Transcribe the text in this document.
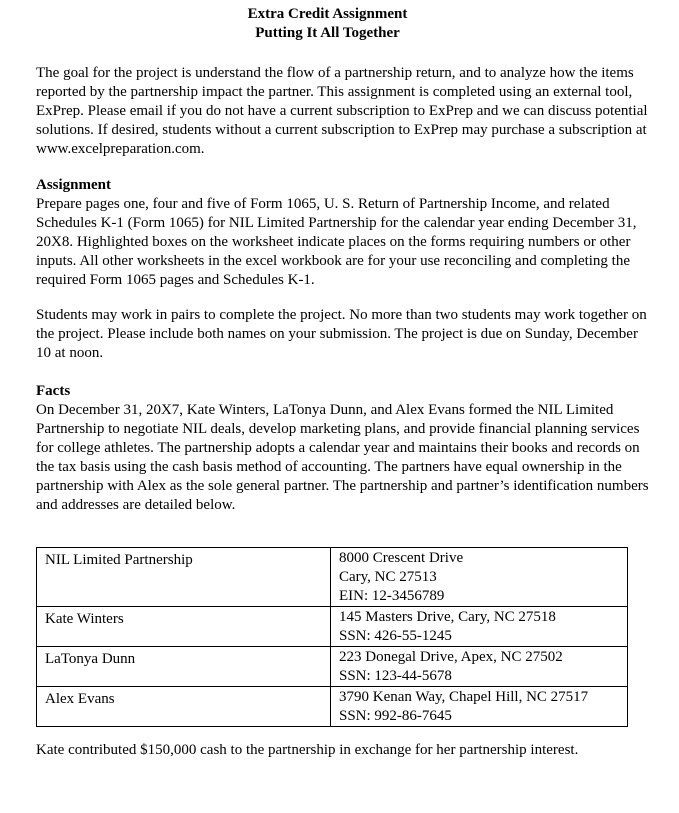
Extra Credit Assignment
Putting It All Together

The goal for the project is understand the flow of a partnership return, and to analyze how the items reported by the partnership impact the partner. This assignment is completed using an external tool, ExPrep. Please email if you do not have a current subscription to ExPrep and we can discuss potential solutions. If desired, students without a current subscription to ExPrep may purchase a subscription at www.excelpreparation.com.

Assignment
Prepare pages one, four and five of Form 1065, U. S. Return of Partnership Income, and related Schedules K-1 (Form 1065) for NIL Limited Partnership for the calendar year ending December 31, 20X8. Highlighted boxes on the worksheet indicate places on the forms requiring numbers or other inputs. All other worksheets in the excel workbook are for your use reconciling and completing the required Form 1065 pages and Schedules K-1.

Students may work in pairs to complete the project. No more than two students may work together on the project. Please include both names on your submission. The project is due on Sunday, December 10 at noon.

Facts
On December 31, 20X7, Kate Winters, LaTonya Dunn, and Alex Evans formed the NIL Limited Partnership to negotiate NIL deals, develop marketing plans, and provide financial planning services for college athletes. The partnership adopts a calendar year and maintains their books and records on the tax basis using the cash basis method of accounting. The partners have equal ownership in the partnership with Alex as the sole general partner. The partnership and partner’s identification numbers and addresses are detailed below.
NIL Limited Partnership	8000 Crescent Drive
Cary, NC 27513
EIN: 12-3456789

Kate Winters	145 Masters Drive, Cary, NC 27518
SSN: 426-55-1245

LaTonya Dunn	223 Donegal Drive, Apex, NC 27502
SSN: 123-44-5678

Alex Evans	3790 Kenan Way, Chapel Hill, NC 27517
SSN: 992-86-7645

Kate contributed $150,000 cash to the partnership in exchange for her partnership interest.
